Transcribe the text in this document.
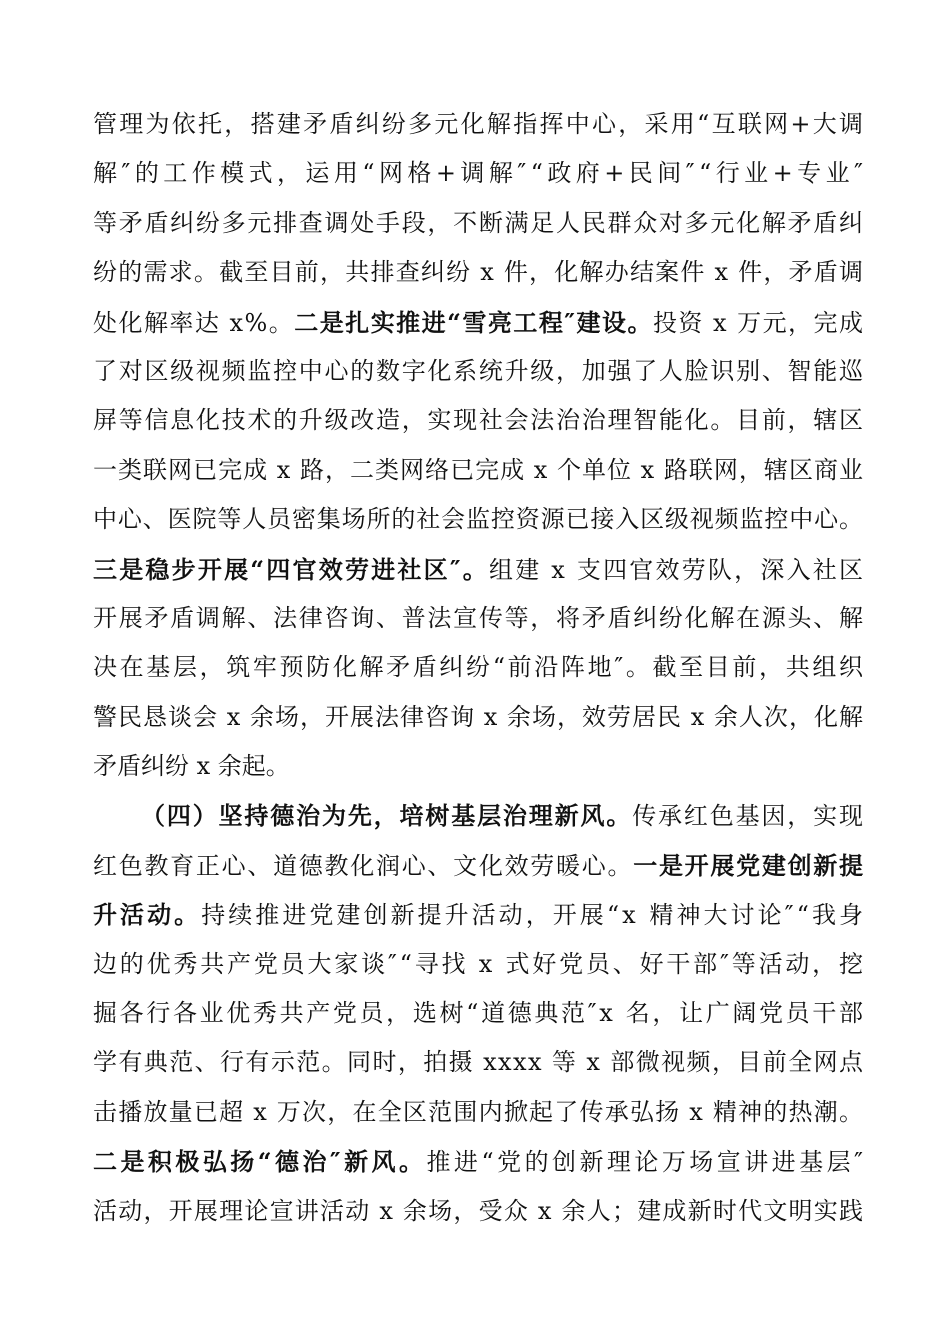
管理为依托，搭建矛盾纠纷多元化解指挥中心，采用“互联网+大调
解″的工作模式，运用“网格+调解″“政府+民间″“行业+专业″
等矛盾纠纷多元排查调处手段，不断满足人民群众对多元化解矛盾纠
纷的需求。截至目前，共排查纠纷 x 件，化解办结案件 x 件，矛盾调
处化解率达 x%。二是扎实推进“雪亮工程″建设。投资 x 万元，完成
了对区级视频监控中心的数字化系统升级，加强了人脸识别、智能巡
屏等信息化技术的升级改造，实现社会法治治理智能化。目前，辖区
一类联网已完成 x 路，二类网络已完成 x 个单位 x 路联网，辖区商业
中心、医院等人员密集场所的社会监控资源已接入区级视频监控中心。
三是稳步开展“四官效劳进社区″。组建 x 支四官效劳队，深入社区
开展矛盾调解、法律咨询、普法宣传等，将矛盾纠纷化解在源头、解
决在基层，筑牢预防化解矛盾纠纷“前沿阵地″。截至目前，共组织
警民恳谈会 x 余场，开展法律咨询 x 余场，效劳居民 x 余人次，化解
矛盾纠纷 x 余起。
（四）坚持德治为先，培树基层治理新风。传承红色基因，实现
红色教育正心、道德教化润心、文化效劳暖心。一是开展党建创新提
升活动。持续推进党建创新提升活动，开展“x 精神大讨论″“我身
边的优秀共产党员大家谈″“寻找 x 式好党员、好干部″等活动，挖
掘各行各业优秀共产党员，选树“道德典范″x 名，让广阔党员干部
学有典范、行有示范。同时，拍摄 xxxx 等 x 部微视频，目前全网点
击播放量已超 x 万次，在全区范围内掀起了传承弘扬 x 精神的热潮。
二是积极弘扬“德治″新风。推进“党的创新理论万场宣讲进基层″
活动，开展理论宣讲活动 x 余场，受众 x 余人；建成新时代文明实践
